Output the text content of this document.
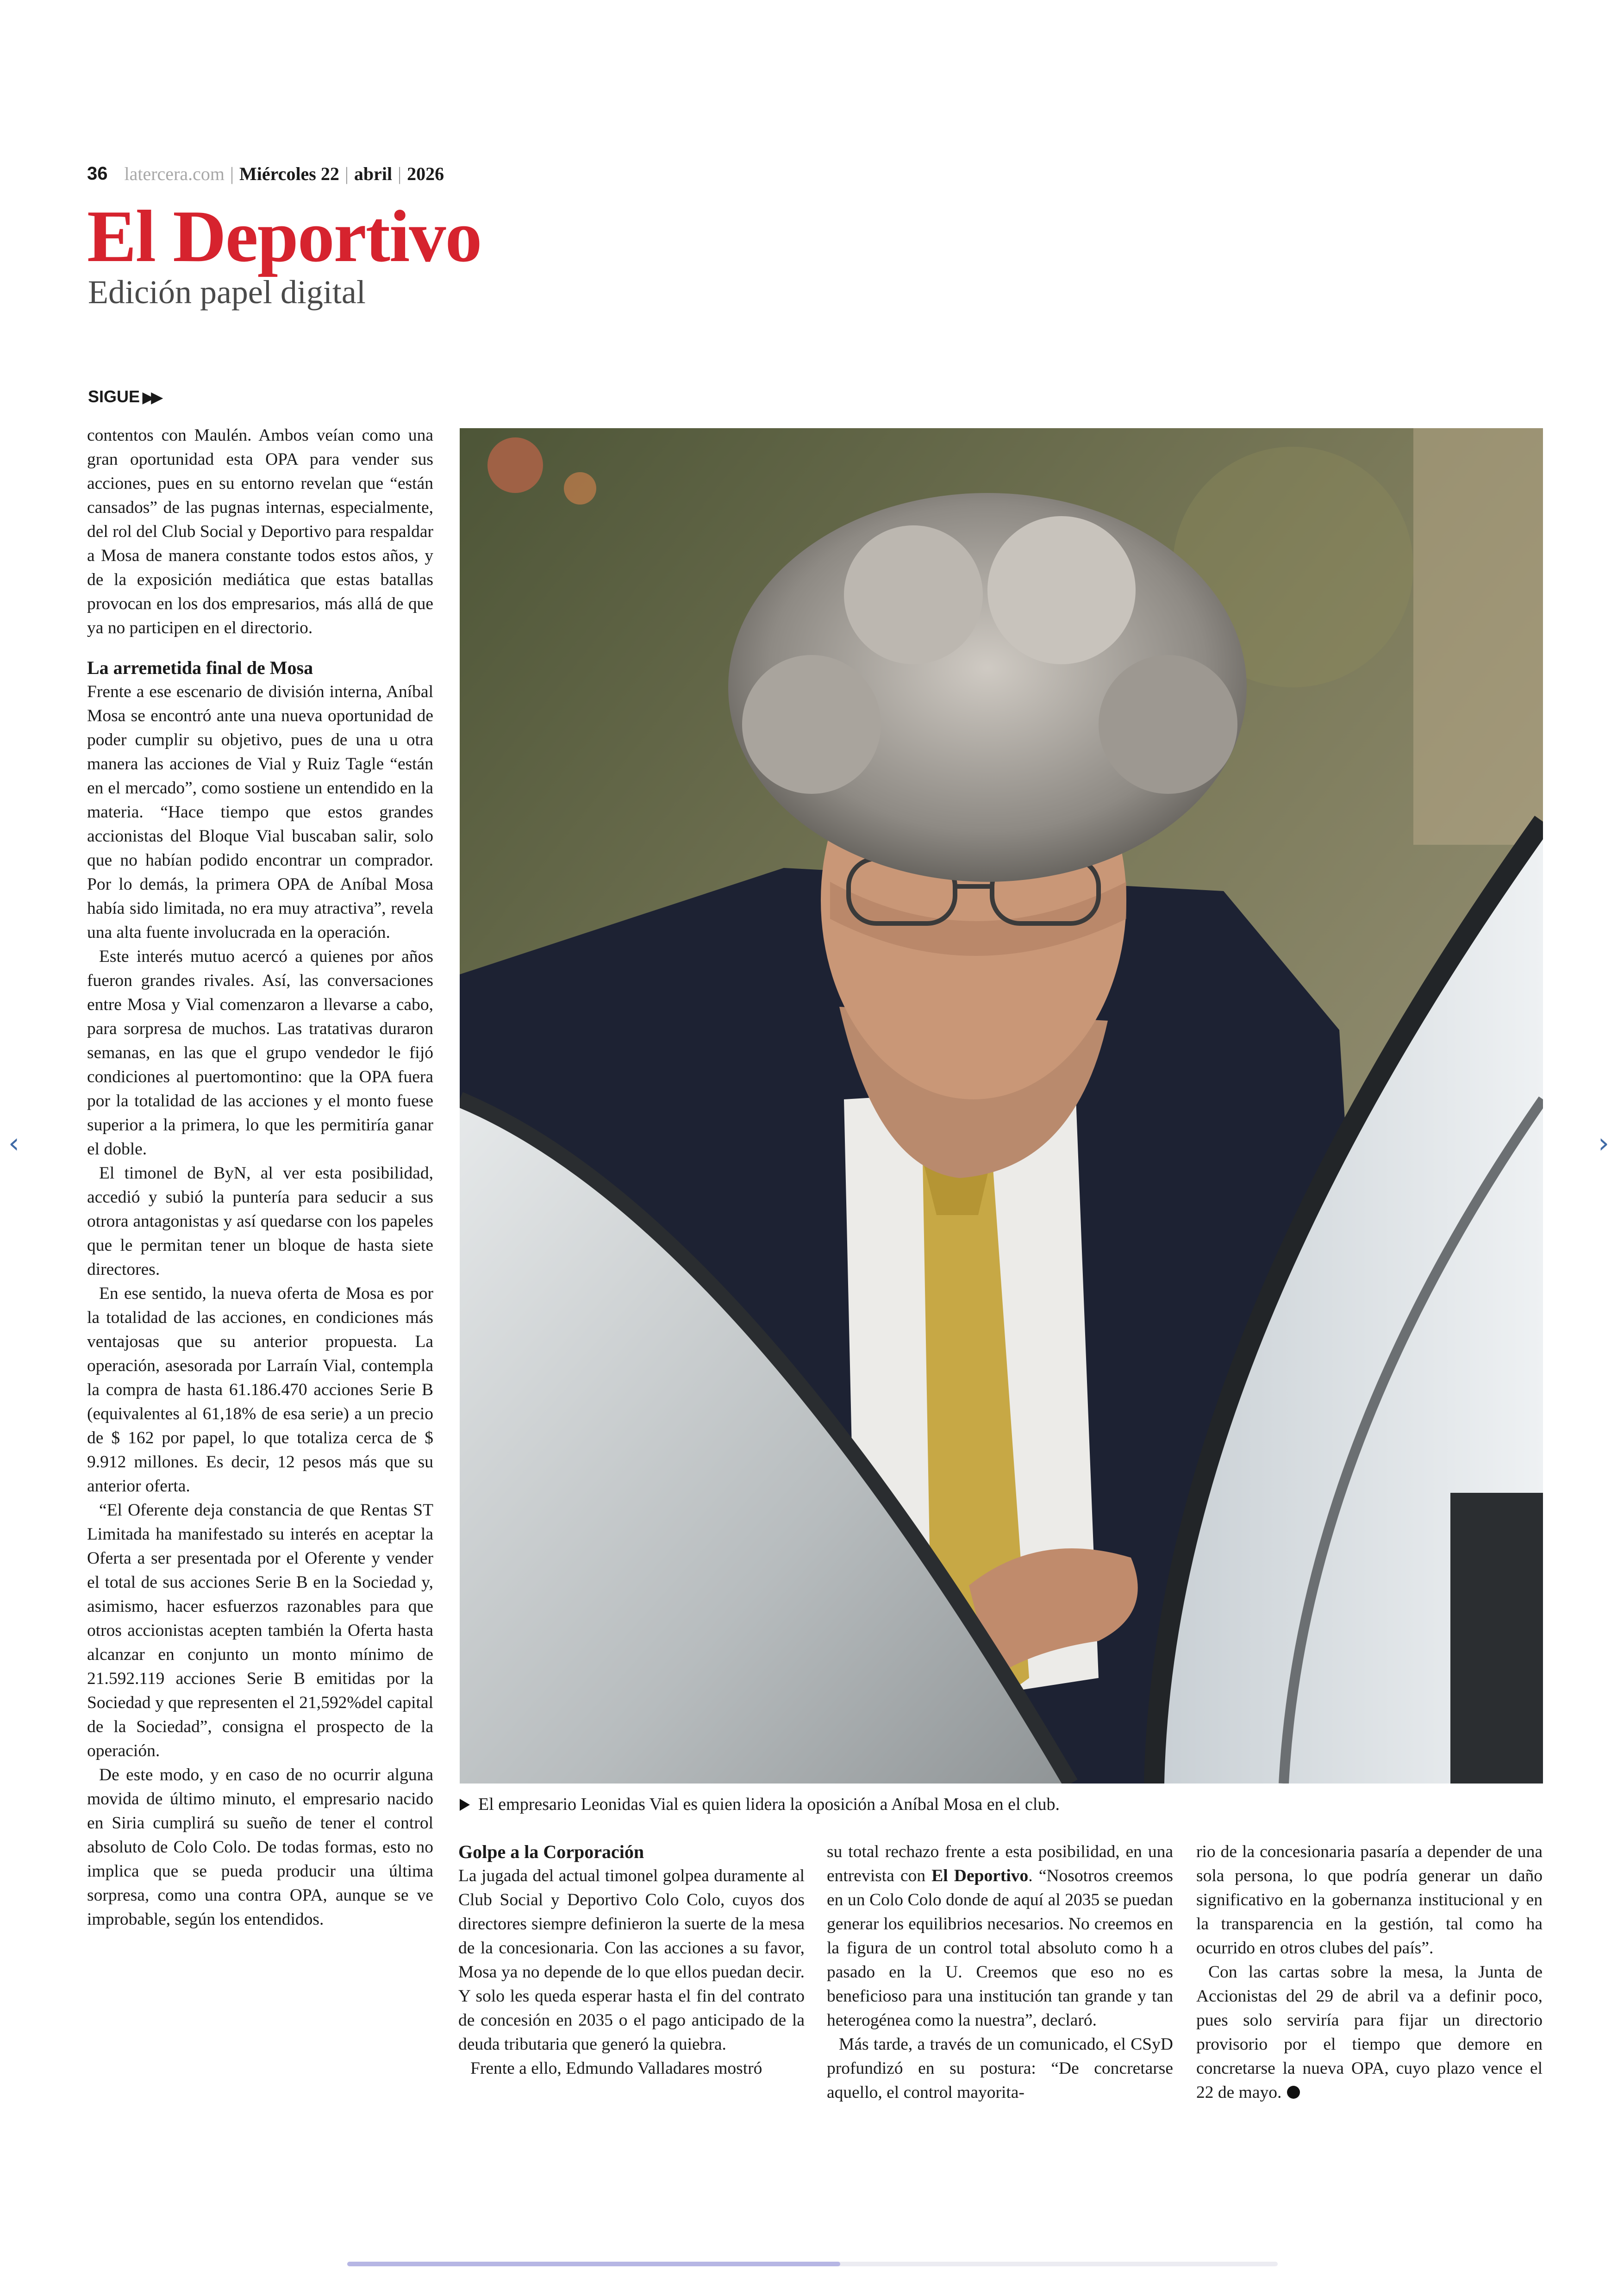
36 latercera.com | Miércoles 22 | abril | 2026
El Deportivo
Edición papel digital
SIGUE ▶▶

contentos con Maulén. Ambos veían como una gran oportunidad esta OPA para vender sus acciones, pues en su entorno revelan que “están cansados” de las pugnas internas, especialmente, del rol del Club Social y Deportivo para respaldar a Mosa de manera constante todos estos años, y de la exposición mediática que estas batallas provocan en los dos empresarios, más allá de que ya no participen en el directorio.

La arremetida final de Mosa

Frente a ese escenario de división interna, Aníbal Mosa se encontró ante una nueva oportunidad de poder cumplir su objetivo, pues de una u otra manera las acciones de Vial y Ruiz Tagle “están en el mercado”, como sostiene un entendido en la materia. “Hace tiempo que estos grandes accionistas del Bloque Vial buscaban salir, solo que no habían podido encontrar un comprador. Por lo demás, la primera OPA de Aníbal Mosa había sido limitada, no era muy atractiva”, revela una alta fuente involucrada en la operación.

Este interés mutuo acercó a quienes por años fueron grandes rivales. Así, las conversaciones entre Mosa y Vial comenzaron a llevarse a cabo, para sorpresa de muchos. Las tratativas duraron semanas, en las que el grupo vendedor le fijó condiciones al puertomontino: que la OPA fuera por la totalidad de las acciones y el monto fuese superior a la primera, lo que les permitiría ganar el doble.

El timonel de ByN, al ver esta posibilidad, accedió y subió la puntería para seducir a sus otrora antagonistas y así quedarse con los papeles que le permitan tener un bloque de hasta siete directores.

En ese sentido, la nueva oferta de Mosa es por la totalidad de las acciones, en condiciones más ventajosas que su anterior propuesta. La operación, asesorada por Larraín Vial, contempla la compra de hasta 61.186.470 acciones Serie B (equivalentes al 61,18% de esa serie) a un precio de $ 162 por papel, lo que totaliza cerca de $ 9.912 millones. Es decir, 12 pesos más que su anterior oferta.

“El Oferente deja constancia de que Rentas ST Limitada ha manifestado su interés en aceptar la Oferta a ser presentada por el Oferente y vender el total de sus acciones Serie B en la Sociedad y, asimismo, hacer esfuerzos razonables para que otros accionistas acepten también la Oferta hasta alcanzar en conjunto un monto mínimo de 21.592.119 acciones Serie B emitidas por la Sociedad y que representen el 21,592%del capital de la Sociedad”, consigna el prospecto de la operación.

De este modo, y en caso de no ocurrir alguna movida de último minuto, el empresario nacido en Siria cumplirá su sueño de tener el control absoluto de Colo Colo. De todas formas, esto no implica que se pueda producir una última sorpresa, como una contra OPA, aunque se ve improbable, según los entendidos.

El empresario Leonidas Vial es quien lidera la oposición a Aníbal Mosa en el club.
Golpe a la Corporación

La jugada del actual timonel golpea duramente al Club Social y Deportivo Colo Colo, cuyos dos directores siempre definieron la suerte de la mesa de la concesionaria. Con las acciones a su favor, Mosa ya no depende de lo que ellos puedan decir. Y solo les queda esperar hasta el fin del contrato de concesión en 2035 o el pago anticipado de la deuda tributaria que generó la quiebra.

Frente a ello, Edmundo Valladares mostró

su total rechazo frente a esta posibilidad, en una entrevista con El Deportivo. “Nosotros creemos en un Colo Colo donde de aquí al 2035 se puedan generar los equilibrios necesarios. No creemos en la figura de un control total absoluto como h a pasado en la U. Creemos que eso no es beneficioso para una institución tan grande y tan heterogénea como la nuestra”, declaró.

Más tarde, a través de un comunicado, el CSyD profundizó en su postura: “De concretarse aquello, el control mayorita-

rio de la concesionaria pasaría a depender de una sola persona, lo que podría generar un daño significativo en la gobernanza institucional y en la transparencia en la gestión, tal como ha ocurrido en otros clubes del país”.

Con las cartas sobre la mesa, la Junta de Accionistas del 29 de abril va a definir poco, pues solo serviría para fijar un directorio provisorio por el tiempo que demore en concretarse la nueva OPA, cuyo plazo vence el 22 de mayo.

‹	›
